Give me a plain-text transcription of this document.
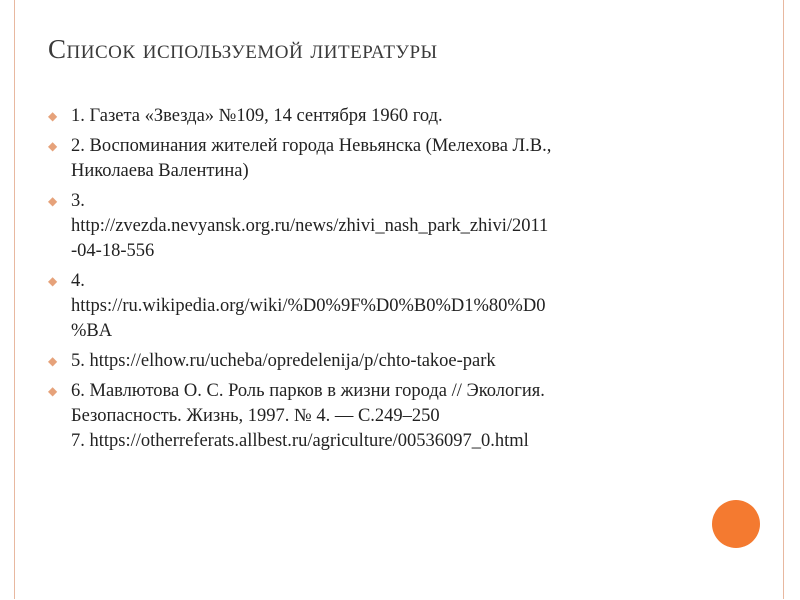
Список используемой литературы
◆ 1. Газета «Звезда» №109, 14 сентября 1960 год.
◆ 2. Воспоминания жителей города Невьянска (Мелехова Л.В.,
Николаева Валентина)
◆ 3.
http://zvezda.nevyansk.org.ru/news/zhivi_nash_park_zhivi/2011
-04-18-556
◆ 4.
https://ru.wikipedia.org/wiki/%D0%9F%D0%B0%D1%80%D0
%BA
◆ 5. https://elhow.ru/ucheba/opredelenija/p/chto-takoe-park
◆ 6. Мавлютова О. С. Роль парков в жизни города // Экология.
Безопасность. Жизнь, 1997. № 4. — С.249–250
7. https://otherreferats.allbest.ru/agriculture/00536097_0.html
